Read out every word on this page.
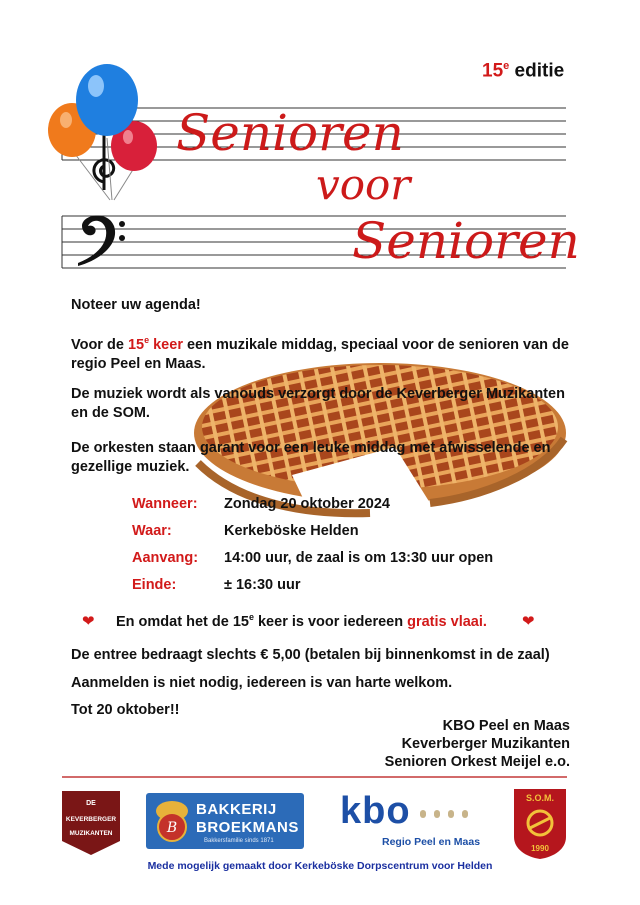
15e editie
Senioren
voor
Senioren
Noteer uw agenda!
Voor de 15e keer een muzikale middag, speciaal voor de senioren van de regio Peel en Maas.
De muziek wordt als vanouds verzorgt door de Keverberger Muzikanten en de SOM.
De orkesten staan garant voor een leuke middag met afwisselende en gezellige muziek.
Wanneer: Zondag 20 oktober 2024
Waar:	Kerkeböske Helden
Aanvang: 14:00 uur, de zaal is om 13:30 uur open
Einde:	± 16:30 uur
❤ En omdat het de 15e keer is voor iedereen gratis vlaai. ❤
De entree bedraagt slechts € 5,00 (betalen bij binnenkomst in de zaal)
Aanmelden is niet nodig, iedereen is van harte welkom.
Tot 20 oktober!!
KBO Peel en Maas
Keverberger Muzikanten
Senioren Orkest Meijel e.o.
DE
KEVERBERGER
MUZIKANTEN	B
BAKKERIJ
BROEKMANS
Bakkersfamilie sinds 1871
kbo
Regio Peel en Maas
S.O.M.
1990
Mede mogelijk gemaakt door Kerkeböske Dorpscentrum voor Helden
